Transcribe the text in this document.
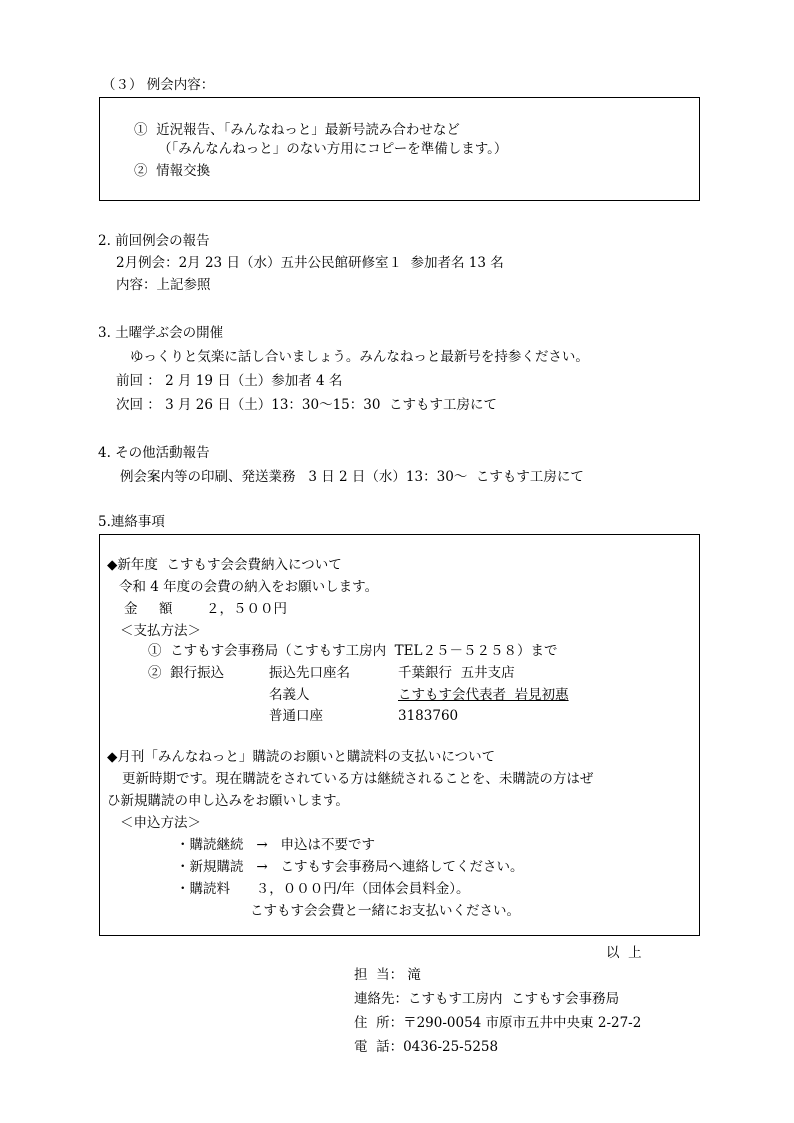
（３） 例会内容：
①  近況報告、「みんなねっと」最新号読み合わせなど
（「みんなんねっと」のない方用にコピーを準備します。）
②  情報交換
2. 前回例会の報告
2月例会：2月 23 日（水）五井公民館研修室１  参加者名 13 名
内容：上記参照
3. 土曜学ぶ会の開催
ゆっくりと気楽に話し合いましょう。みんなねっと最新号を持参ください。
前回 ： 2 月 19 日（土）参加者 4 名
次回 ： 3 月 26 日（土）13：30～15：30  こすもす工房にて
4. その他活動報告
例会案内等の印刷、発送業務   3 日 2 日（水）13：30～  こすもす工房にて
5.連絡事項
◆新年度  こすもす会会費納入について
令和 4 年度の会費の納入をお願いします。
金     額 ２，５００円
＜支払方法＞
①  こすもす会事務局（こすもす工房内  TEL２５－５２５８）まで
②  銀行振込	振込先口座名	千葉銀行  五井支店
名義人	こすもす会代表者  岩見初惠
普通口座	3183760
◆月刊「みんなねっと」購読のお願いと購読料の支払いについて
更新時期です。現在購読をされている方は継続されることを、未購読の方はぜ
ひ新規購読の申し込みをお願いします。
＜申込方法＞
・購読継続   →   申込は不要です
・新規購読   →   こすもす会事務局へ連絡してください。
・購読料      ３，０００円/年（団体会員料金）。
こすもす会会費と一緒にお支払いください。
以  上
担  当： 滝
連絡先：こすもす工房内  こすもす会事務局
住  所：〒290-0054 市原市五井中央東 2-27-2
電  話：0436-25-5258
